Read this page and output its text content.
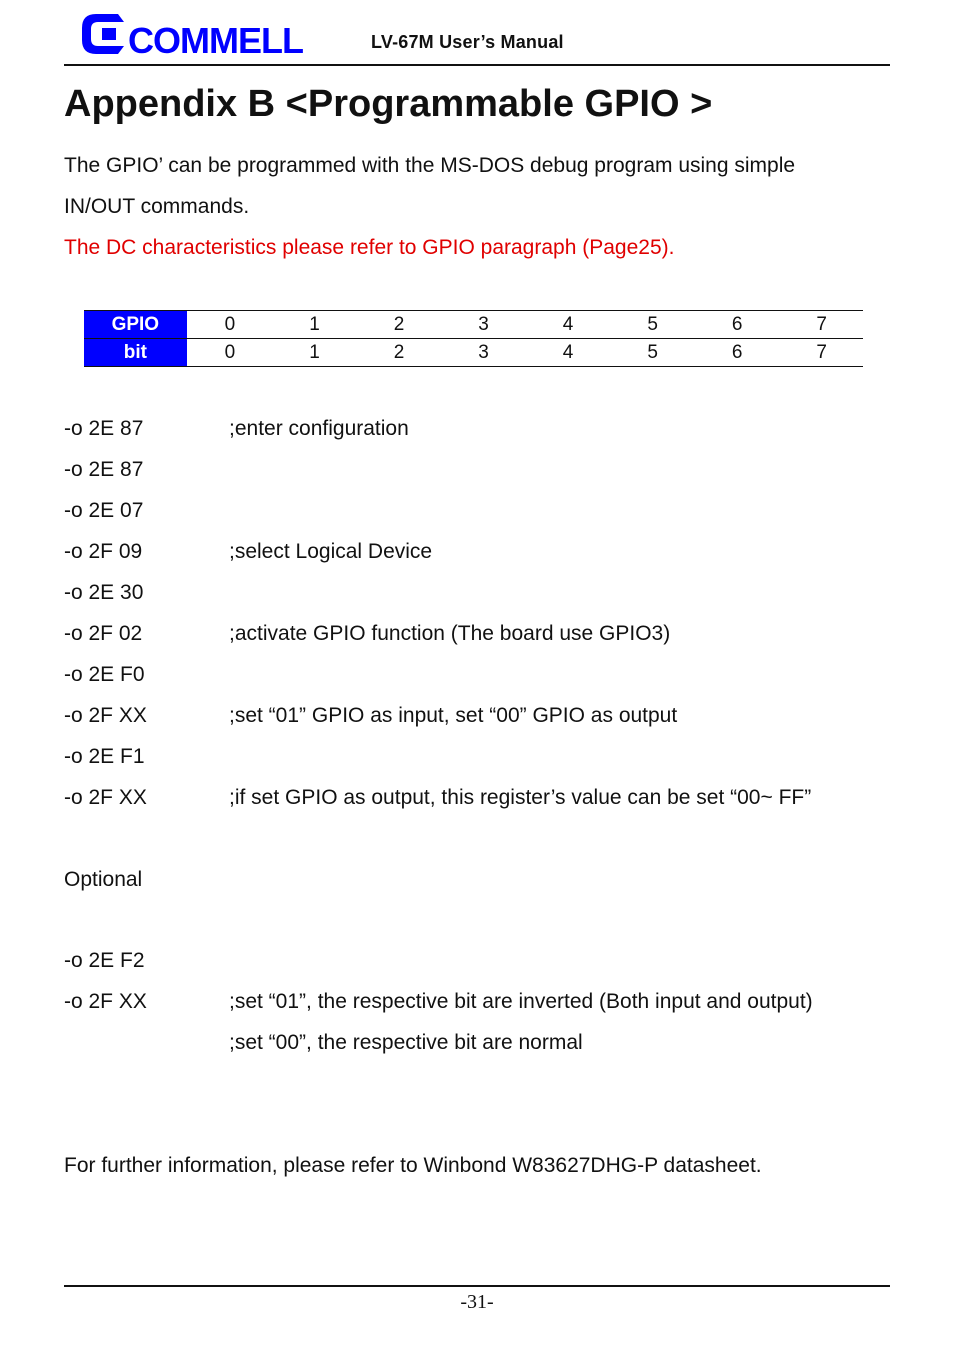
COMMELL	LV-67M User’s Manual
Appendix B <Programmable GPIO >
The GPIO’ can be programmed with the MS-DOS debug program using simple
IN/OUT commands.
The DC characteristics please refer to GPIO paragraph (Page25).
GPIO	0	1	2	3	4	5	6	7
bit	0	1	2	3	4	5	6	7
-o 2E 87	;enter configuration
-o 2E 87
-o 2E 07
-o 2F 09	;select Logical Device
-o 2E 30
-o 2F 02	;activate GPIO function (The board use GPIO3)
-o 2E F0
-o 2F XX	;set “01” GPIO as input, set “00” GPIO as output
-o 2E F1
-o 2F XX	;if set GPIO as output, this register’s value can be set “00~ FF”
Optional
-o 2E F2
-o 2F XX	;set “01”, the respective bit are inverted (Both input and output)
;set “00”, the respective bit are normal
For further information, please refer to Winbond W83627DHG-P datasheet.
-31-
